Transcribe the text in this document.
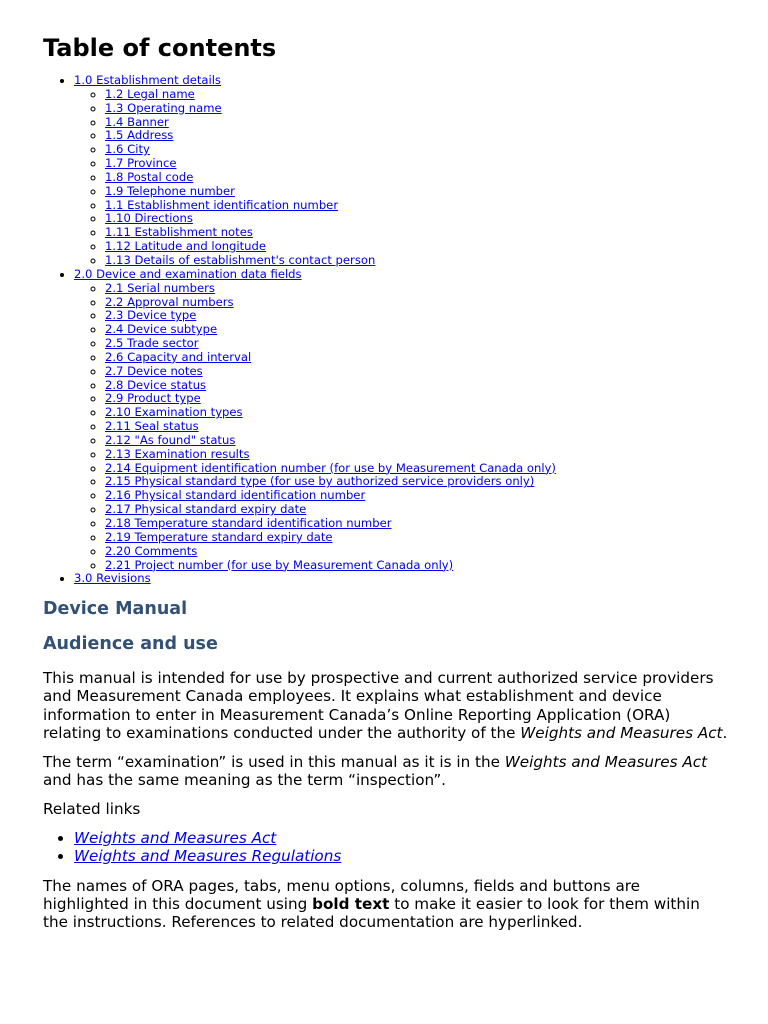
Table of contents
• 1.0 Establishment details
◦ 1.2 Legal name
◦ 1.3 Operating name
◦ 1.4 Banner
◦ 1.5 Address
◦ 1.6 City
◦ 1.7 Province
◦ 1.8 Postal code
◦ 1.9 Telephone number
◦ 1.1 Establishment identification number
◦ 1.10 Directions
◦ 1.11 Establishment notes
◦ 1.12 Latitude and longitude
◦ 1.13 Details of establishment's contact person
• 2.0 Device and examination data fields
◦ 2.1 Serial numbers
◦ 2.2 Approval numbers
◦ 2.3 Device type
◦ 2.4 Device subtype
◦ 2.5 Trade sector
◦ 2.6 Capacity and interval
◦ 2.7 Device notes
◦ 2.8 Device status
◦ 2.9 Product type
◦ 2.10 Examination types
◦ 2.11 Seal status
◦ 2.12 "As found" status
◦ 2.13 Examination results
◦ 2.14 Equipment identification number (for use by Measurement Canada only)
◦ 2.15 Physical standard type (for use by authorized service providers only)
◦ 2.16 Physical standard identification number
◦ 2.17 Physical standard expiry date
◦ 2.18 Temperature standard identification number
◦ 2.19 Temperature standard expiry date
◦ 2.20 Comments
◦ 2.21 Project number (for use by Measurement Canada only)
• 3.0 Revisions
Device Manual
Audience and use

This manual is intended for use by prospective and current authorized service providers and Measurement Canada employees. It explains what establishment and device information to enter in Measurement Canada’s Online Reporting Application (ORA) relating to examinations conducted under the authority of the Weights and Measures Act.

The term “examination” is used in this manual as it is in the Weights and Measures Act and has the same meaning as the term “inspection”.

Related links

• Weights and Measures Act
• Weights and Measures Regulations

The names of ORA pages, tabs, menu options, columns, fields and buttons are highlighted in this document using bold text to make it easier to look for them within the instructions. References to related documentation are hyperlinked.
